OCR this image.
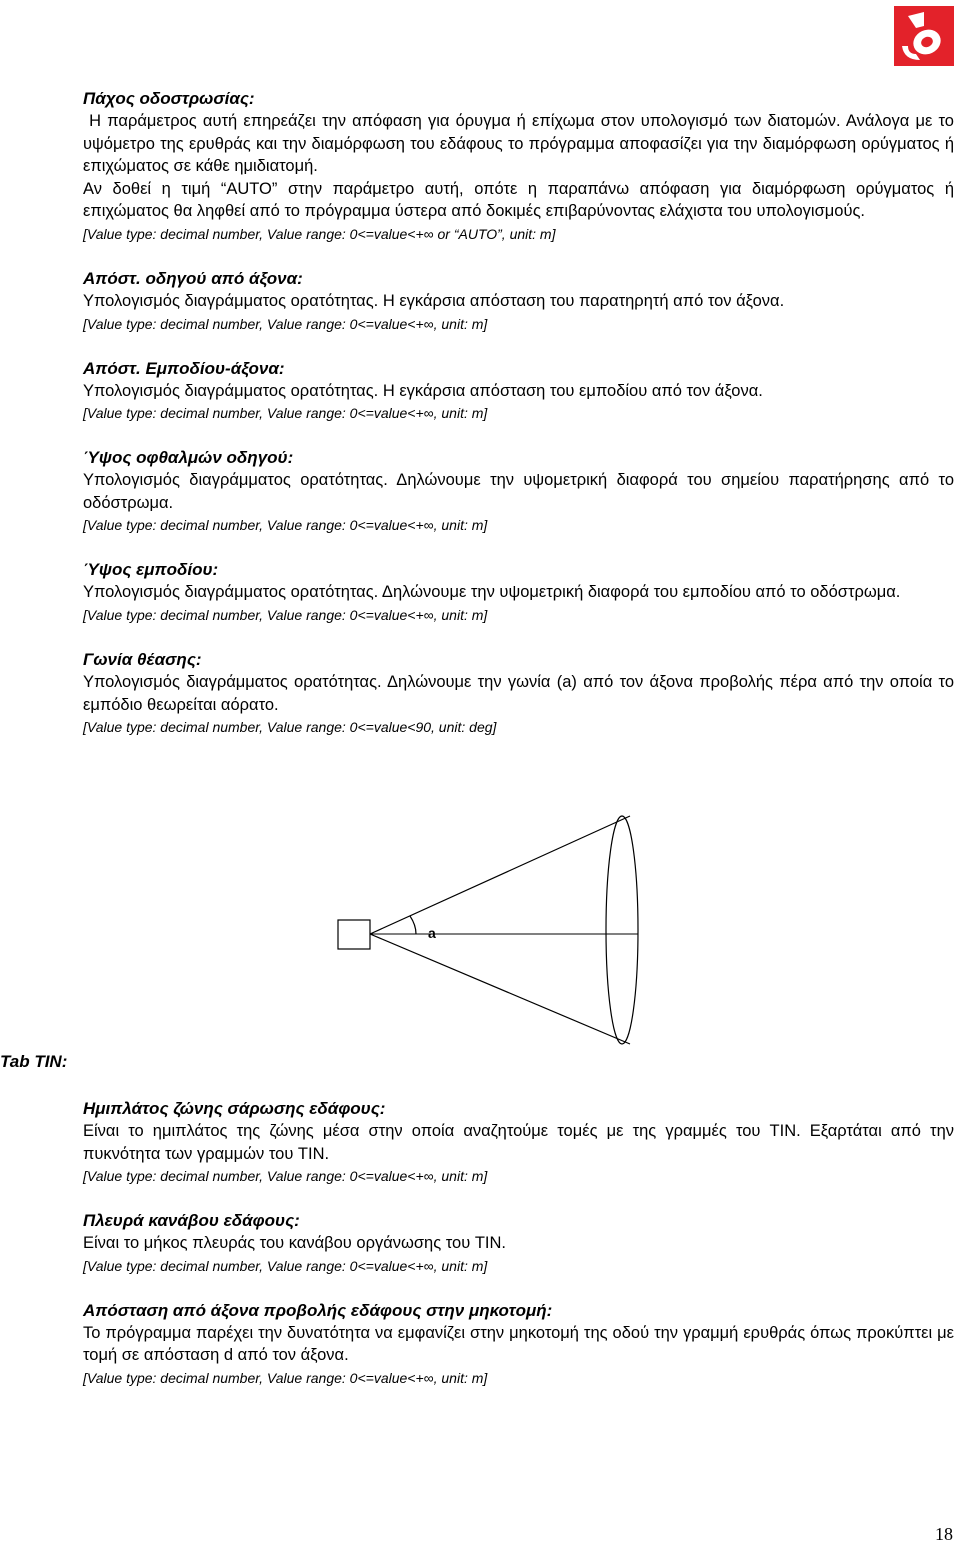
Πάχος οδοστρωσίας:

Η παράμετρος αυτή επηρεάζει την απόφαση για όρυγμα ή επίχωμα στον υπολογισμό των διατομών. Ανάλογα με το υψόμετρο της ερυθράς και την διαμόρφωση του εδάφους το πρόγραμμα αποφασίζει για την διαμόρφωση ορύγματος ή επιχώματος σε κάθε ημιδιατομή.

Αν δοθεί η τιμή “AUTO” στην παράμετρο αυτή, οπότε η παραπάνω απόφαση για διαμόρφωση ορύγματος ή επιχώματος θα ληφθεί από το πρόγραμμα ύστερα από δοκιμές επιβαρύνοντας ελάχιστα του υπολογισμούς.

[Value type: decimal number, Value range: 0<=value<+∞ or “AUTO”, unit: m]

Απόστ. οδηγού από άξονα:

Υπολογισμός διαγράμματος ορατότητας. Η εγκάρσια απόσταση του παρατηρητή από τον άξονα.

[Value type: decimal number, Value range: 0<=value<+∞, unit: m]

Απόστ. Εμποδίου-άξονα:

Υπολογισμός διαγράμματος ορατότητας. Η εγκάρσια απόσταση του εμποδίου από τον άξονα.

[Value type: decimal number, Value range: 0<=value<+∞, unit: m]

Ύψος οφθαλμών οδηγού:

Υπολογισμός διαγράμματος ορατότητας. Δηλώνουμε την υψομετρική διαφορά του σημείου παρατήρησης από το οδόστρωμα.

[Value type: decimal number, Value range: 0<=value<+∞, unit: m]

Ύψος εμποδίου:

Υπολογισμός διαγράμματος ορατότητας. Δηλώνουμε την υψομετρική διαφορά του εμποδίου από το οδόστρωμα.

[Value type: decimal number, Value range: 0<=value<+∞, unit: m]

Γωνία θέασης:

Υπολογισμός διαγράμματος ορατότητας. Δηλώνουμε την γωνία (a) από τον άξονα προβολής πέρα από την οποία το εμπόδιο θεωρείται αόρατο.

[Value type: decimal number, Value range: 0<=value<90, unit: deg]

a
Tab TIN:

Ημιπλάτος ζώνης σάρωσης εδάφους:

Είναι το ημιπλάτος της ζώνης μέσα στην οποία αναζητούμε τομές με της γραμμές του TIN. Εξαρτάται από την πυκνότητα των γραμμών του TIN.

[Value type: decimal number, Value range: 0<=value<+∞, unit: m]

Πλευρά κανάβου εδάφους:

Είναι το μήκος πλευράς του κανάβου οργάνωσης του TIN.

[Value type: decimal number, Value range: 0<=value<+∞, unit: m]

Απόσταση από άξονα προβολής εδάφους στην μηκοτομή:

Το πρόγραμμα παρέχει την δυνατότητα να εμφανίζει στην μηκοτομή της οδού την γραμμή ερυθράς όπως προκύπτει με τομή σε απόσταση d από τον άξονα.

[Value type: decimal number, Value range: 0<=value<+∞, unit: m]

18
